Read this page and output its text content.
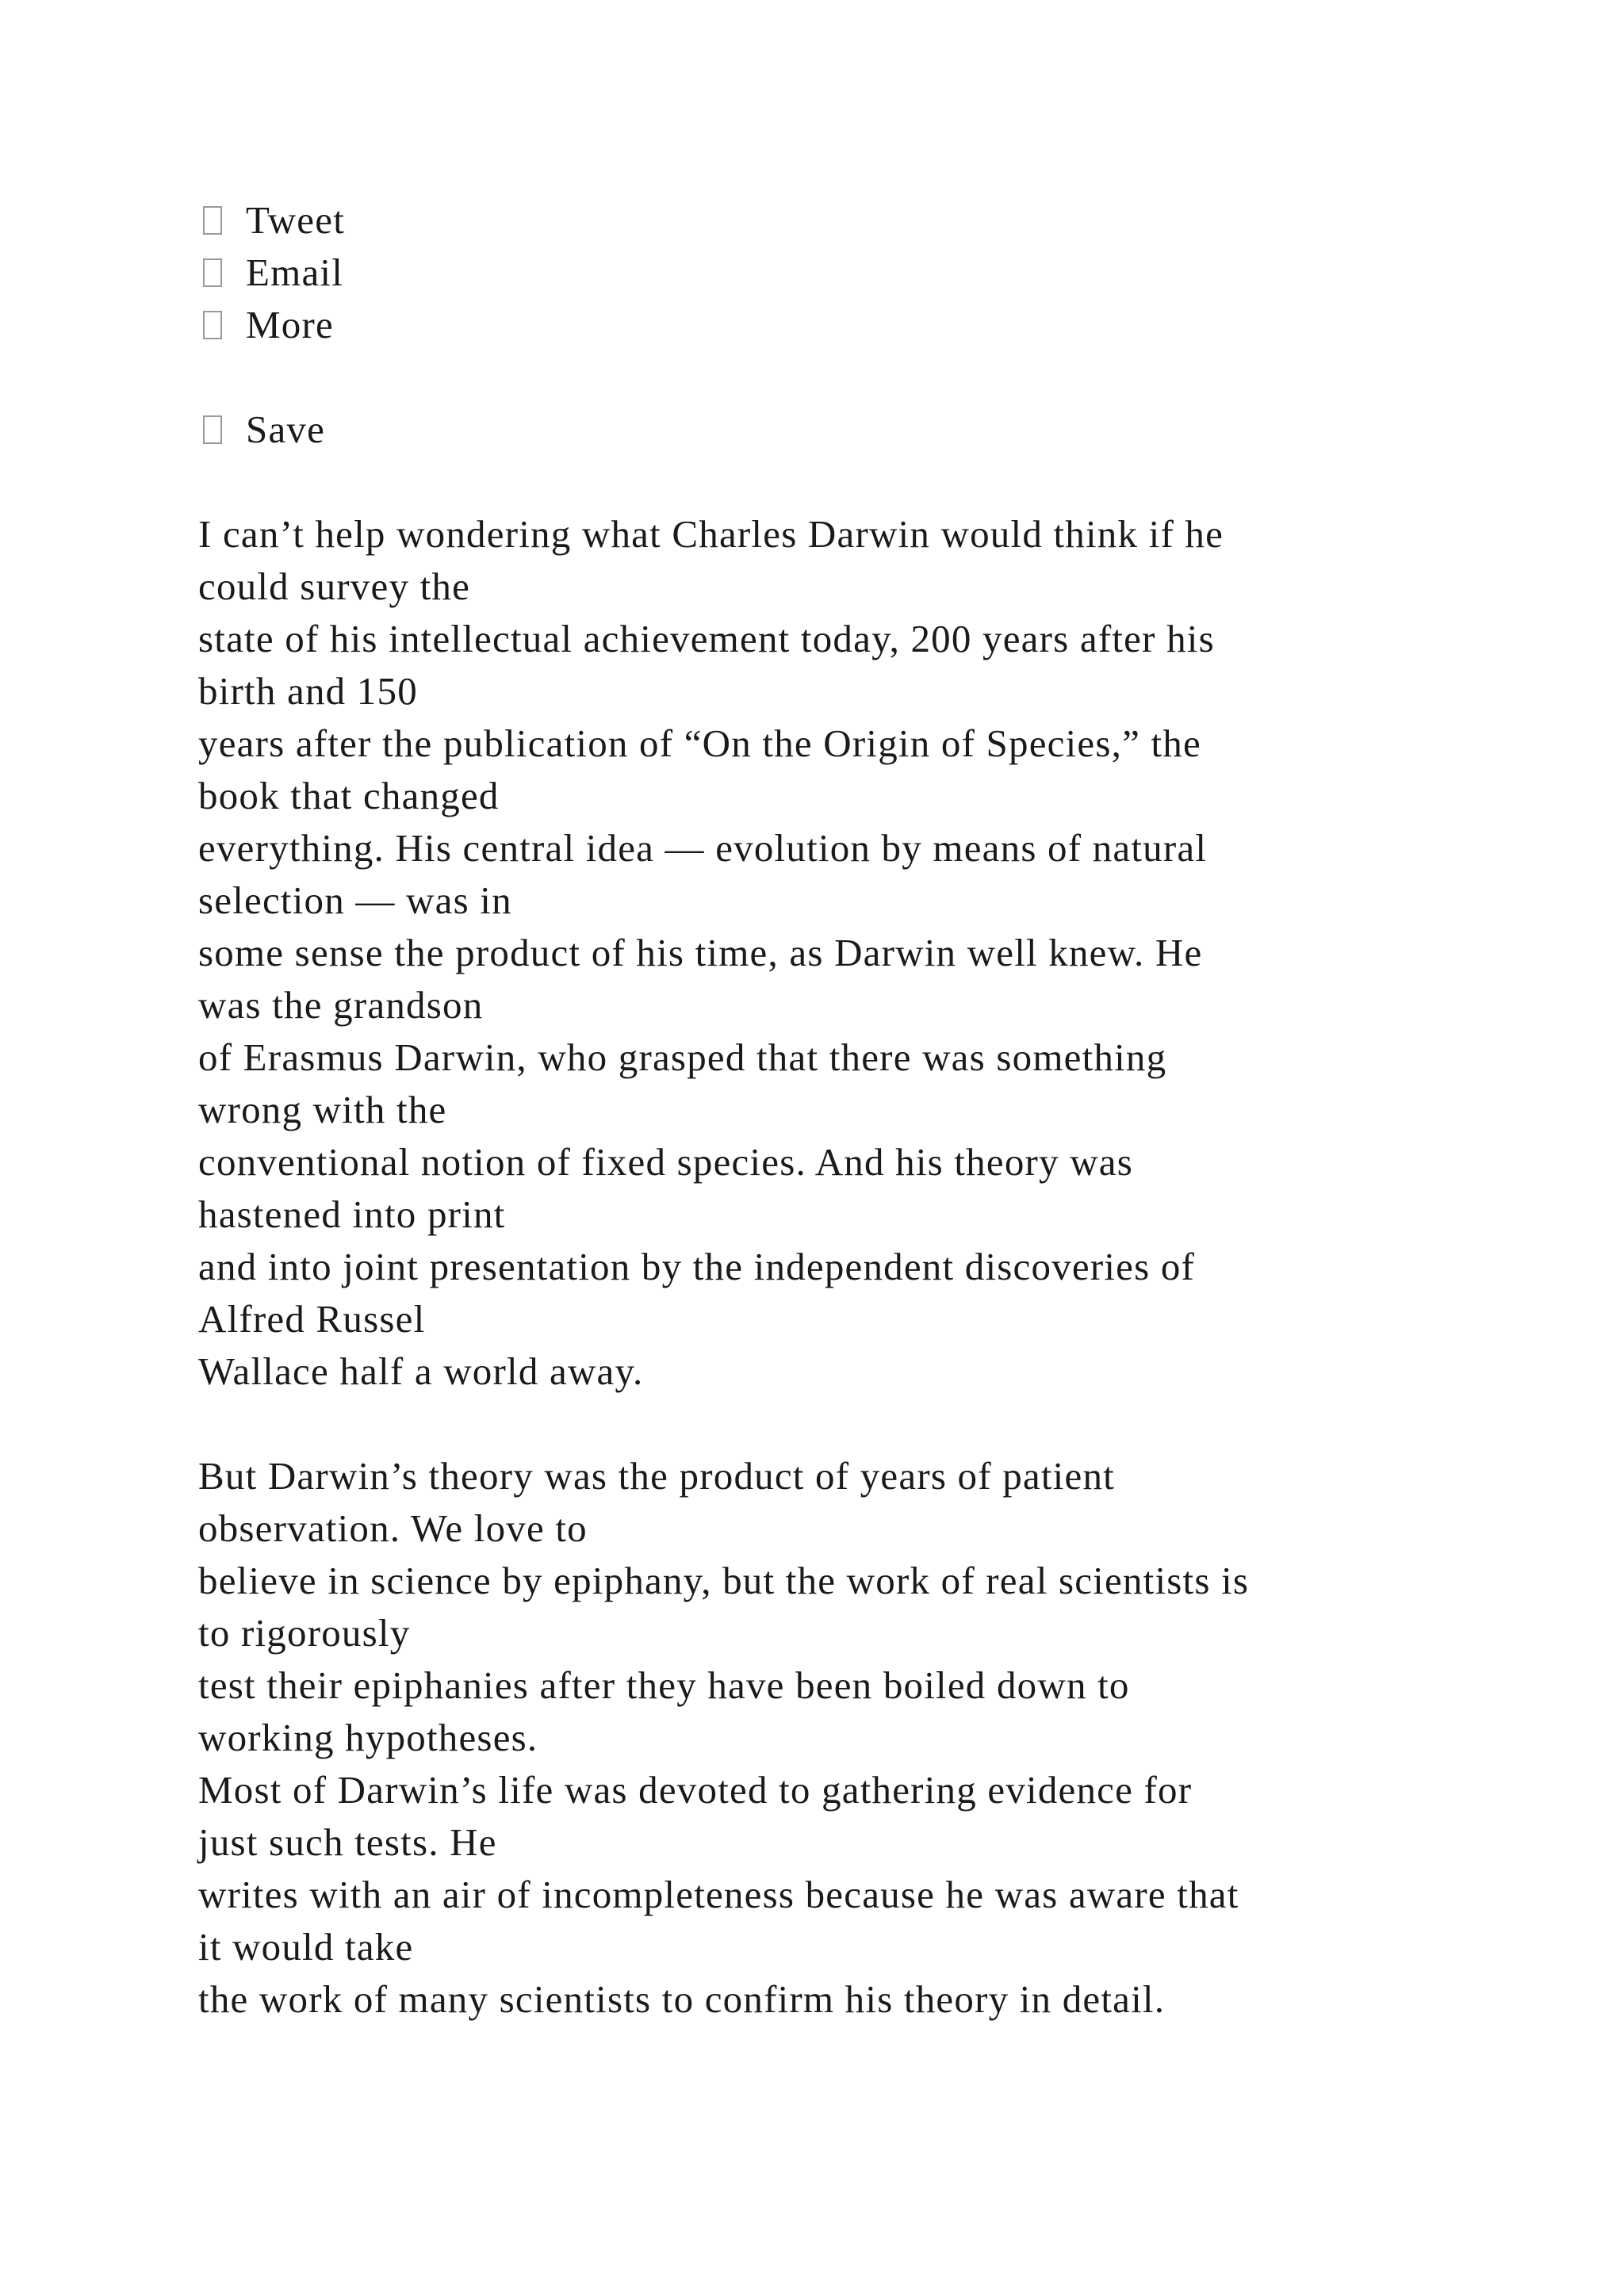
Tweet
Email
More
Save
I can’t help wondering what Charles Darwin would think if he
could survey the
state of his intellectual achievement today, 200 years after his
birth and 150
years after the publication of “On the Origin of Species,” the
book that changed
everything. His central idea — evolution by means of natural
selection — was in
some sense the product of his time, as Darwin well knew. He
was the grandson
of Erasmus Darwin, who grasped that there was something
wrong with the
conventional notion of fixed species. And his theory was
hastened into print
and into joint presentation by the independent discoveries of
Alfred Russel
Wallace half a world away.
But Darwin’s theory was the product of years of patient
observation. We love to
believe in science by epiphany, but the work of real scientists is
to rigorously
test their epiphanies after they have been boiled down to
working hypotheses.
Most of Darwin’s life was devoted to gathering evidence for
just such tests. He
writes with an air of incompleteness because he was aware that
it would take
the work of many scientists to confirm his theory in detail.
